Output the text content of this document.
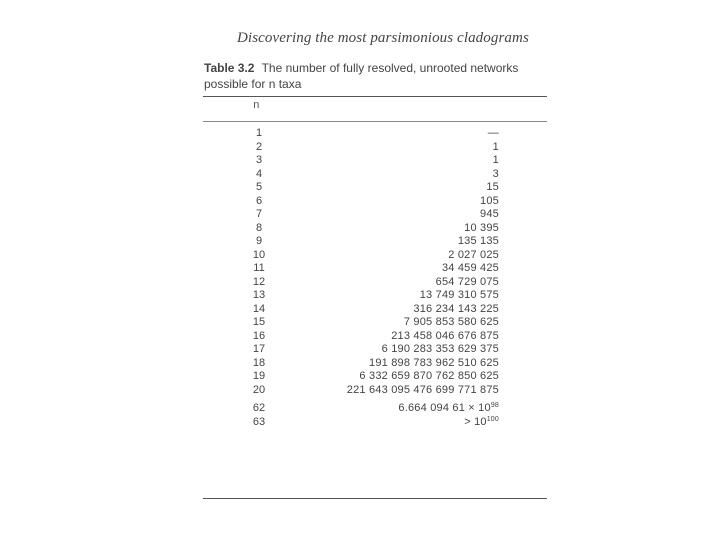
Discovering the most parsimonious cladograms
Table 3.2 The number of fully resolved, unrooted networks possible for n taxa
n
1	—
2	1
3	1
4	3
5	15
6	105
7	945
8	10 395
9	135 135
10	2 027 025
11	34 459 425
12	654 729 075
13	13 749 310 575
14	316 234 143 225
15	7 905 853 580 625
16	213 458 046 676 875
17	6 190 283 353 629 375
18	191 898 783 962 510 625
19	6 332 659 870 762 850 625
20	221 643 095 476 699 771 875
62	6.664 094 $61 \times 10^{98}$
63	> $10^{100}$
